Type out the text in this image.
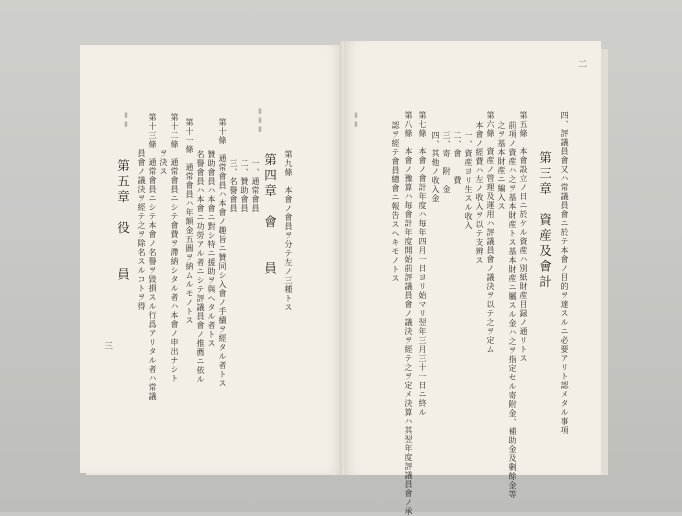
▮▮▮
▮▮
第九條　本會ノ會員ヲ分テ左ノ三種トス
第四章　會　　員
一、通常會員
二、贊助會員
三、名譽會員
第十條　通常會員ハ本會ノ趣旨ニ贊同シ入會ノ手續ヲ經タル者トス
贊助會員ハ本會ニ對シ特ニ援助ヲ與ヘタル者トス
名譽會員ハ本會ニ功勞アル者ニシテ評議員會ノ推薦ニ依ル
第十一條　通常會員ハ年額金五圓ヲ納ムルモノトス
第十二條　通常會員ニシテ會費ヲ滯納シタル者ハ本會ノ申出ナシト
ヲ決ス
第十三條　通常會員ニシテ本會ノ名譽ヲ毀損スル行爲アリタル者ハ常議
員會ノ議決ヲ經テ之ヲ除名スルコトヲ得
第五章　役　　員
三
二
四、評議員會又ハ常議員會ニ於テ本會ノ目的ヲ達スルニ必要アリト認メタル事項
第三章　資産及會計
第五條　本會設立ノ日ニ於ケル資産ハ別紙財産目録ノ通リトス
前項ノ資産ハ之ヲ基本財産トス基本財産ニ屬スル金ハ之ヲ指定セル寄附金、補助金及剰餘金等
之ヲ基本財産ニ編入ス
第六條　資産ノ管理及運用ハ評議員會ノ議決ヲ以テ之ヲ定ム
本會ノ經費ハ左ノ收入ヲ以テ支辨ス
一、資産ヨリ生スル收入
二、會　　費
三、寄　附　金
四、其他ノ收入金
第七條　本會ノ會計年度ハ毎年四月一日ヨリ始マリ翌年三月三十一日ニ終ル
第八條　本會ノ豫算ハ毎會計年度開始前評議員會ノ議決ヲ經テ之ヲ定メ決算ハ其翌年度評議員會ノ承
認ヲ經テ會員總會ニ報告スヘキモノトス
▮▮
